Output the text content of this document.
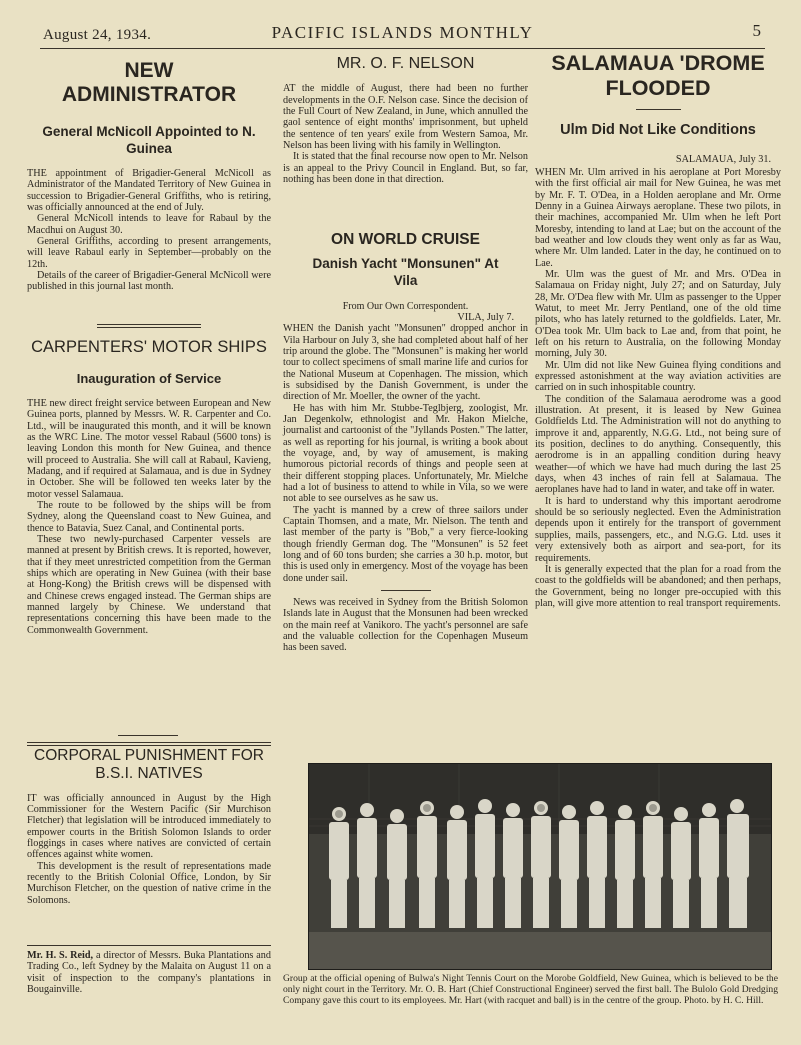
August 24, 1934.	PACIFIC ISLANDS MONTHLY	5
NEW
ADMINISTRATOR
General McNicoll Appointed to N. Guinea

THE appointment of Brigadier-General McNicoll as Administrator of the Mandated Territory of New Guinea in succession to Brigadier-General Griffiths, who is retiring, was officially announced at the end of July.

General McNicoll intends to leave for Rabaul by the Macdhui on August 30.

General Griffiths, according to present arrangements, will leave Rabaul early in September—probably on the 12th.

Details of the career of Brigadier-General McNicoll were published in this journal last month.

CARPENTERS' MOTOR SHIPS
Inauguration of Service

THE new direct freight service between European and New Guinea ports, planned by Messrs. W. R. Carpenter and Co. Ltd., will be inaugurated this month, and it will be known as the WRC Line. The motor vessel Rabaul (5600 tons) is leaving London this month for New Guinea, and thence will proceed to Australia. She will call at Rabaul, Kavieng, Madang, and if required at Salamaua, and is due in Sydney in October. She will be followed ten weeks later by the motor vessel Salamaua.

The route to be followed by the ships will be from Sydney, along the Queensland coast to New Guinea, and thence to Batavia, Suez Canal, and Continental ports.

These two newly-purchased Carpenter vessels are manned at present by British crews. It is reported, however, that if they meet unrestricted competition from the German ships which are operating in New Guinea (with their base at Hong-Kong) the British crews will be dispensed with and Chinese crews engaged instead. The German ships are manned largely by Chinese. We understand that representations concerning this have been made to the Commonwealth Government.

CORPORAL PUNISHMENT FOR B.S.I. NATIVES

IT was officially announced in August by the High Commissioner for the Western Pacific (Sir Murchison Fletcher) that legislation will be introduced immediately to empower courts in the British Solomon Islands to order floggings in cases where natives are convicted of certain offences against white women.

This development is the result of representations made recently to the British Colonial Office, London, by Sir Murchison Fletcher, on the question of native crime in the Solomons.

Mr. H. S. Reid, a director of Messrs. Buka Plantations and Trading Co., left Sydney by the Malaita on August 11 on a visit of inspection to the company's plantations in Bougainville.

MR. O. F. NELSON

AT the middle of August, there had been no further developments in the O.F. Nelson case. Since the decision of the Full Court of New Zealand, in June, which annulled the gaol sentence of eight months' imprisonment, but upheld the sentence of ten years' exile from Western Samoa, Mr. Nelson has been living with his family in Wellington.

It is stated that the final recourse now open to Mr. Nelson is an appeal to the Privy Council in England. But, so far, nothing has been done in that direction.

ON WORLD CRUISE
Danish Yacht "Monsunen" At Vila
From Our Own Correspondent.
VILA, July 7.

WHEN the Danish yacht "Monsunen" dropped anchor in Vila Harbour on July 3, she had completed about half of her trip around the globe. The "Monsunen" is making her world tour to collect specimens of small marine life and curios for the National Museum at Copenhagen. The mission, which is subsidised by the Danish Government, is under the direction of Mr. Moeller, the owner of the yacht.

He has with him Mr. Stubbe-Teglbjerg, zoologist, Mr. Jan Degenkolw, ethnologist and Mr. Hakon Mielche, journalist and cartoonist of the "Jyllands Posten." The latter, as well as reporting for his journal, is writing a book about the voyage, and, by way of amusement, is making humorous pictorial records of things and people seen at their different stopping places. Unfortunately, Mr. Mielche had a lot of business to attend to while in Vila, so we were not able to see ourselves as he saw us.

The yacht is manned by a crew of three sailors under Captain Thomsen, and a mate, Mr. Nielson. The tenth and last member of the party is "Bob," a very fierce-looking though friendly German dog. The "Monsunen" is 52 feet long and of 60 tons burden; she carries a 30 h.p. motor, but this is used only in emergency. Most of the voyage has been done under sail.

News was received in Sydney from the British Solomon Islands late in August that the Monsunen had been wrecked on the main reef at Vanikoro. The yacht's personnel are safe and the valuable collection for the Copenhagen Museum has been saved.

SALAMAUA 'DROME
FLOODED
Ulm Did Not Like Conditions
SALAMAUA, July 31.

WHEN Mr. Ulm arrived in his aeroplane at Port Moresby with the first official air mail for New Guinea, he was met by Mr. F. T. O'Dea, in a Holden aeroplane and Mr. Orme Denny in a Guinea Airways aeroplane. These two pilots, in their machines, accompanied Mr. Ulm when he left Port Moresby, intending to land at Lae; but on the account of the bad weather and low clouds they went only as far as Wau, where Mr. Ulm landed. Later in the day, he continued on to Lae.

Mr. Ulm was the guest of Mr. and Mrs. O'Dea in Salamaua on Friday night, July 27; and on Saturday, July 28, Mr. O'Dea flew with Mr. Ulm as passenger to the Upper Watut, to meet Mr. Jerry Pentland, one of the old time pilots, who has lately returned to the goldfields. Later, Mr. O'Dea took Mr. Ulm back to Lae and, from that point, he left on his return to Australia, on the following Monday morning, July 30.

Mr. Ulm did not like New Guinea flying conditions and expressed astonishment at the way aviation activities are carried on in such inhospitable country.

The condition of the Salamaua aerodrome was a good illustration. At present, it is leased by New Guinea Goldfields Ltd. The Administration will not do anything to improve it and, apparently, N.G.G. Ltd., not being sure of its position, declines to do anything. Consequently, this aerodrome is in an appalling condition during heavy weather—of which we have had much during the last 25 days, when 43 inches of rain fell at Salamaua. The aeroplanes have had to land in water, and take off in water.

It is hard to understand why this important aerodrome should be so seriously neglected. Even the Administration depends upon it entirely for the transport of government supplies, mails, passengers, etc., and N.G.G. Ltd. uses it very extensively both as airport and sea-port, for its requirements.

It is generally expected that the plan for a road from the coast to the goldfields will be abandoned; and then perhaps, the Government, being no longer pre-occupied with this plan, will give more attention to real transport requirements.

Group at the official opening of Bulwa's Night Tennis Court on the Morobe Goldfield, New Guinea, which is believed to be the only night court in the Territory. Mr. O. B. Hart (Chief Constructional Engineer) served the first ball. The Bulolo Gold Dredging Company gave this court to its employees. Mr. Hart (with racquet and ball) is in the centre of the group. Photo. by H. C. Hill.
